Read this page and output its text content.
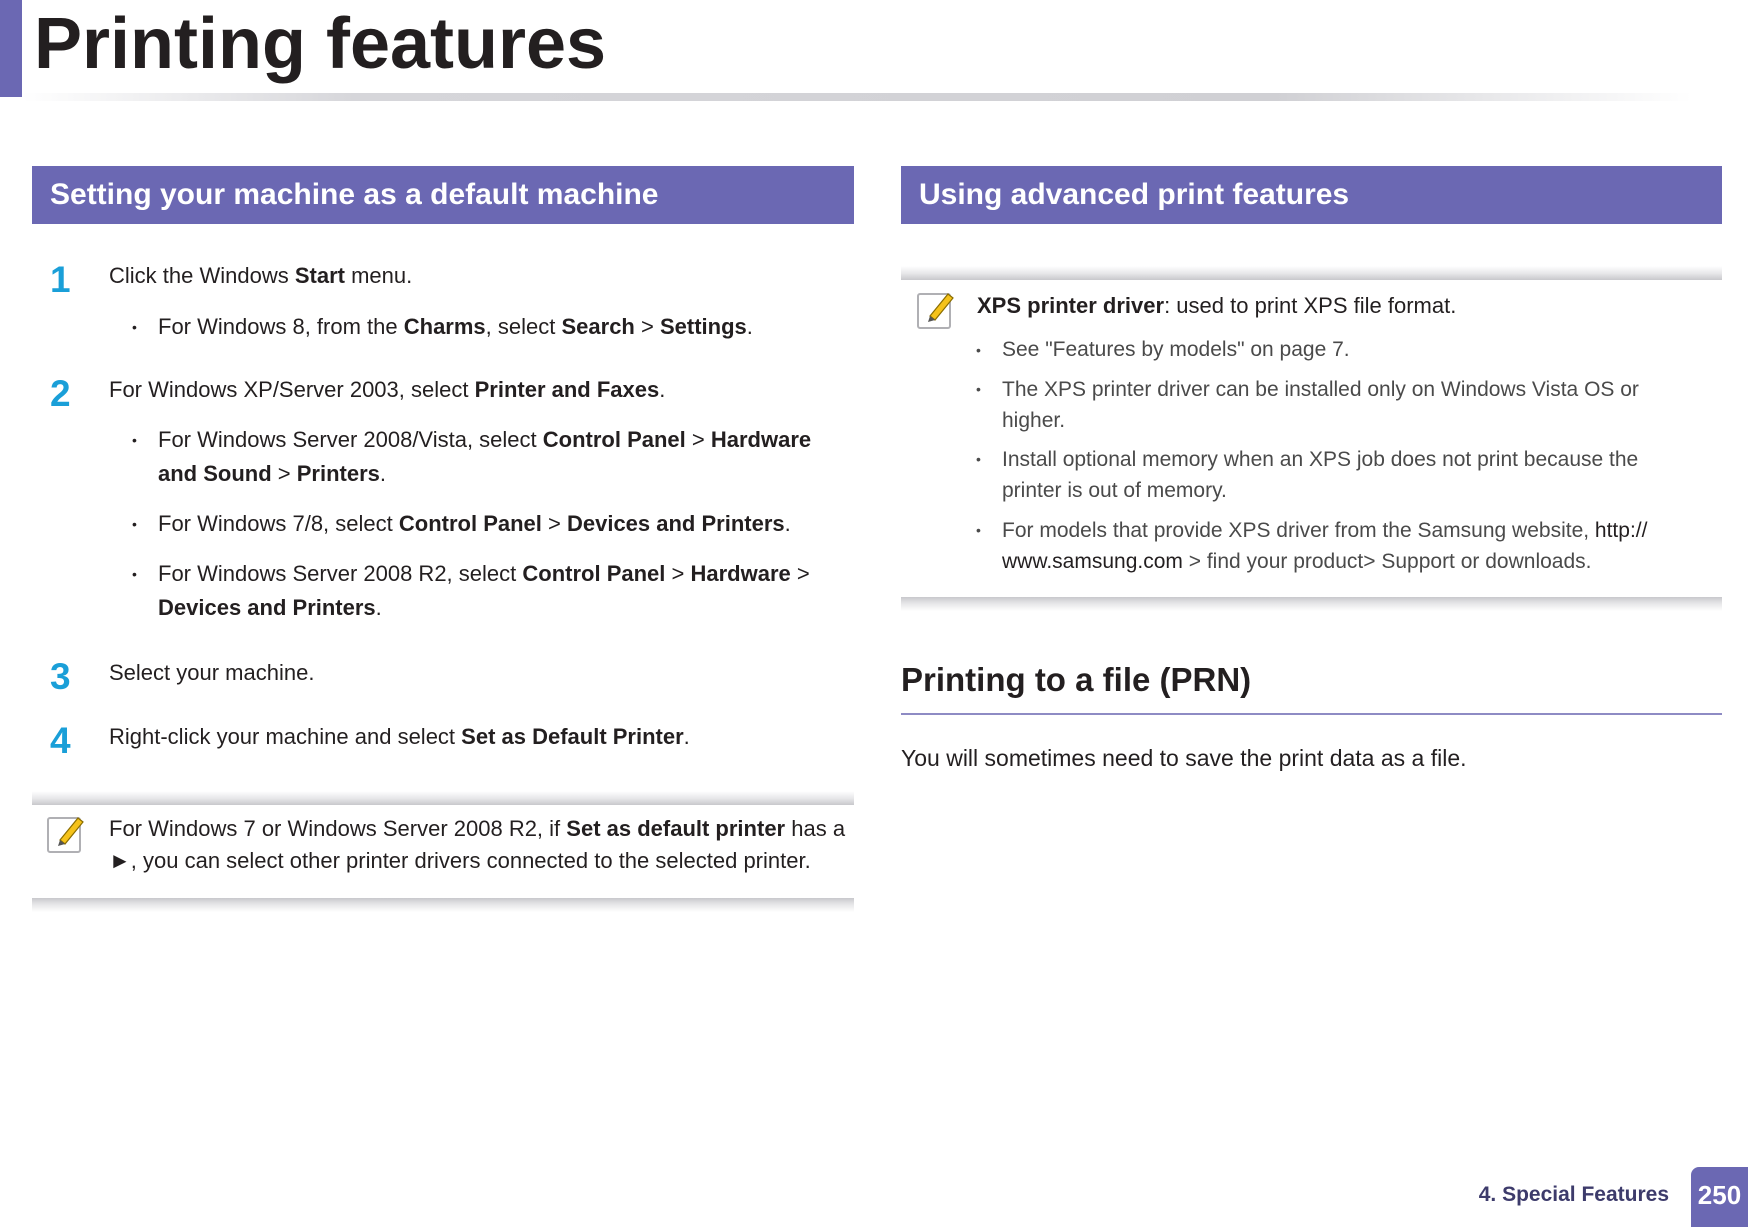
Printing features
Setting your machine as a default machine
1 Click the Windows Start menu.
• For Windows 8, from the Charms, select Search > Settings.
2 For Windows XP/Server 2003, select Printer and Faxes.
• For Windows Server 2008/Vista, select Control Panel > Hardware
and Sound > Printers.
• For Windows 7/8, select Control Panel > Devices and Printers.
• For Windows Server 2008 R2, select Control Panel > Hardware >
Devices and Printers.
3 Select your machine.
4 Right-click your machine and select Set as Default Printer.
For Windows 7 or Windows Server 2008 R2, if Set as default printer has a
►, you can select other printer drivers connected to the selected printer.
Using advanced print features
XPS printer driver: used to print XPS file format.
• See "Features by models" on page 7.
• The XPS printer driver can be installed only on Windows Vista OS or
higher.
• Install optional memory when an XPS job does not print because the
printer is out of memory.
• For models that provide XPS driver from the Samsung website, http://
www.samsung.com > find your product> Support or downloads.
Printing to a file (PRN)
You will sometimes need to save the print data as a file.
4. Special Features 250
